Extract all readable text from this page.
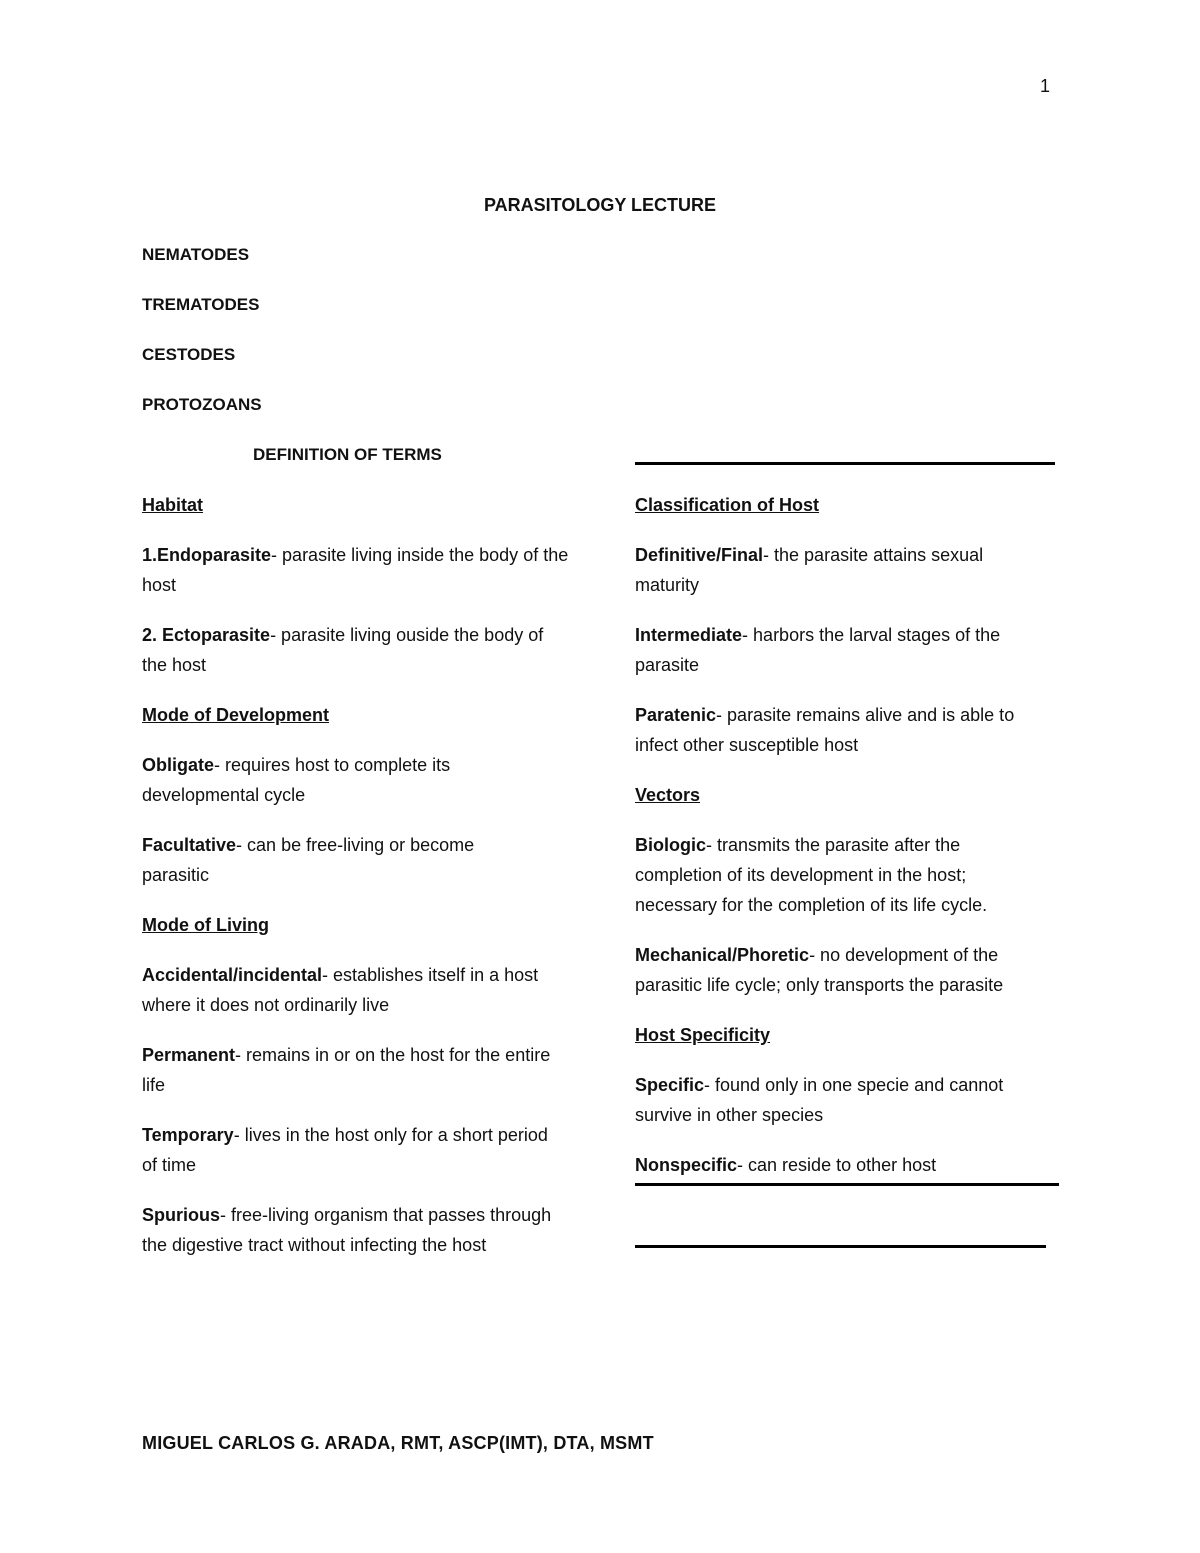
1
PARASITOLOGY LECTURE
NEMATODES
TREMATODES
CESTODES
PROTOZOANS
DEFINITION OF TERMS
Habitat
1.Endoparasite- parasite living inside the body of the host
2. Ectoparasite- parasite living ouside the body of the host
Mode of Development
Obligate- requires host to complete its developmental cycle
Facultative- can be free-living or become parasitic
Mode of Living
Accidental/incidental- establishes itself in a host where it does not ordinarily live
Permanent- remains in or on the host for the entire life
Temporary- lives in the host only for a short period of time
Spurious- free-living organism that passes through the digestive tract without infecting the host
Classification of Host
Definitive/Final- the parasite attains sexual maturity
Intermediate- harbors the larval stages of the parasite
Paratenic- parasite remains alive and is able to infect other susceptible host
Vectors
Biologic- transmits the parasite after the completion of its development in the host; necessary for the completion of its life cycle.
Mechanical/Phoretic- no development of the parasitic life cycle; only transports the parasite
Host Specificity
Specific- found only in one specie and cannot survive in other species
Nonspecific- can reside to other host
MIGUEL CARLOS G. ARADA, RMT, ASCP(IMT), DTA, MSMT
